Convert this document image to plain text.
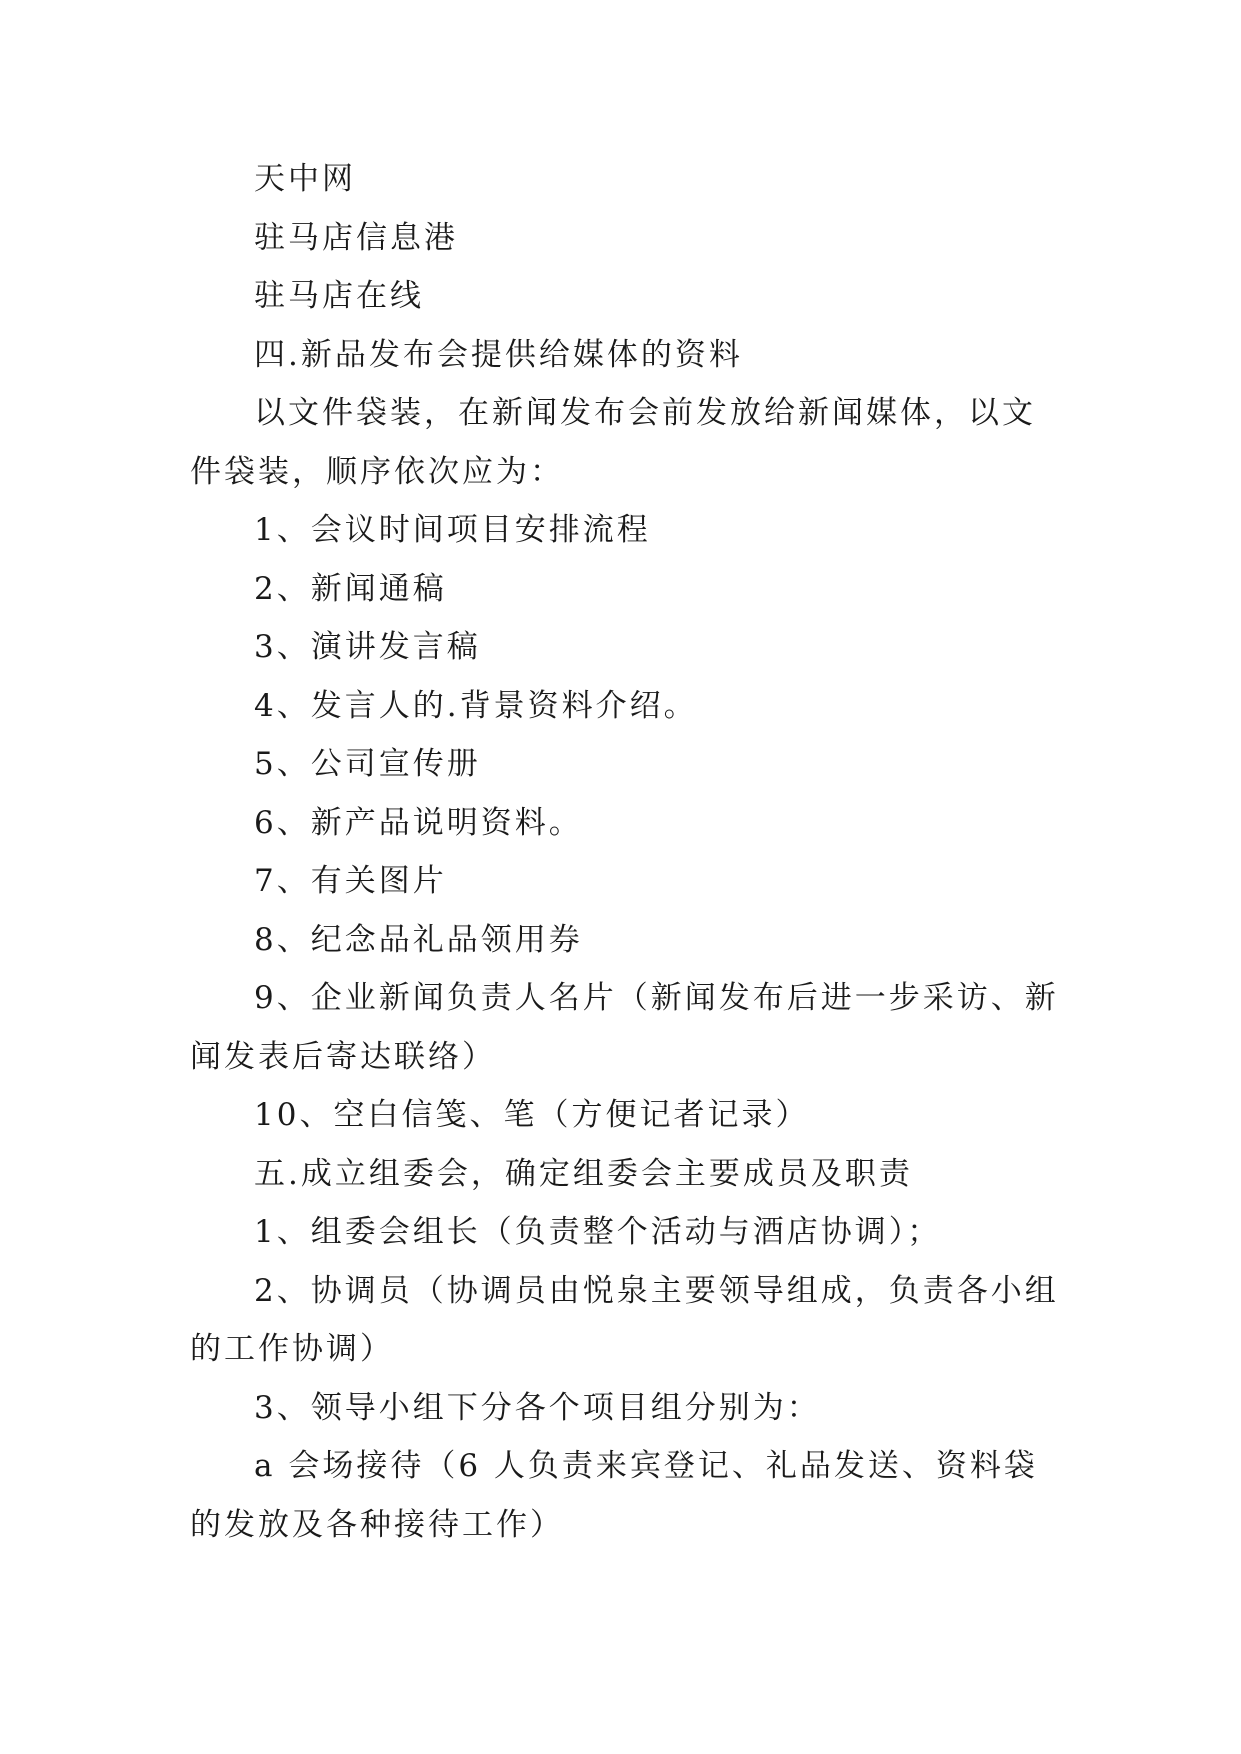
天中网

驻马店信息港

驻马店在线

四.新品发布会提供给媒体的资料

以文件袋装，在新闻发布会前发放给新闻媒体，以文件袋装，顺序依次应为：

1、会议时间项目安排流程

2、新闻通稿

3、演讲发言稿

4、发言人的.背景资料介绍。

5、公司宣传册

6、新产品说明资料。

7、有关图片

8、纪念品礼品领用券

9、企业新闻负责人名片（新闻发布后进一步采访、新闻发表后寄达联络）

10、空白信笺、笔（方便记者记录）

五.成立组委会，确定组委会主要成员及职责

1、组委会组长（负责整个活动与酒店协调）；

2、协调员（协调员由悦泉主要领导组成，负责各小组的工作协调）

3、领导小组下分各个项目组分别为：

a 会场接待（6 人负责来宾登记、礼品发送、资料袋的发放及各种接待工作）
